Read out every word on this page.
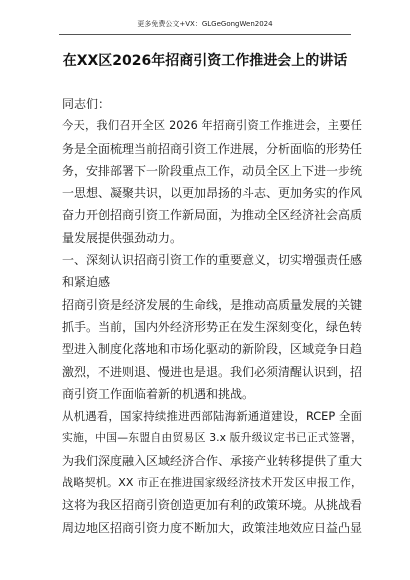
更多免费公文+VX：GLGeGongWen2024
在XX区2026年招商引资工作推进会上的讲话
同志们：
今天，我们召开全区 2026 年招商引资工作推进会，主要任
务是全面梳理当前招商引资工作进展，分析面临的形势任
务，安排部署下一阶段重点工作，动员全区上下进一步统
一思想、凝聚共识，以更加昂扬的斗志、更加务实的作风
奋力开创招商引资工作新局面，为推动全区经济社会高质
量发展提供强劲动力。
一、深刻认识招商引资工作的重要意义，切实增强责任感
和紧迫感
招商引资是经济发展的生命线，是推动高质量发展的关键
抓手。当前，国内外经济形势正在发生深刻变化，绿色转
型进入制度化落地和市场化驱动的新阶段，区域竞争日趋
激烈，不进则退、慢进也是退。我们必须清醒认识到，招
商引资工作面临着新的机遇和挑战。
从机遇看，国家持续推进西部陆海新通道建设，RCEP 全面
实施，中国—东盟自由贸易区 3.x 版升级议定书已正式签署，
为我们深度融入区域经济合作、承接产业转移提供了重大
战略契机。XX 市正在推进国家级经济技术开发区申报工作，
这将为我区招商引资创造更加有利的政策环境。从挑战看
周边地区招商引资力度不断加大，政策洼地效应日益凸显
